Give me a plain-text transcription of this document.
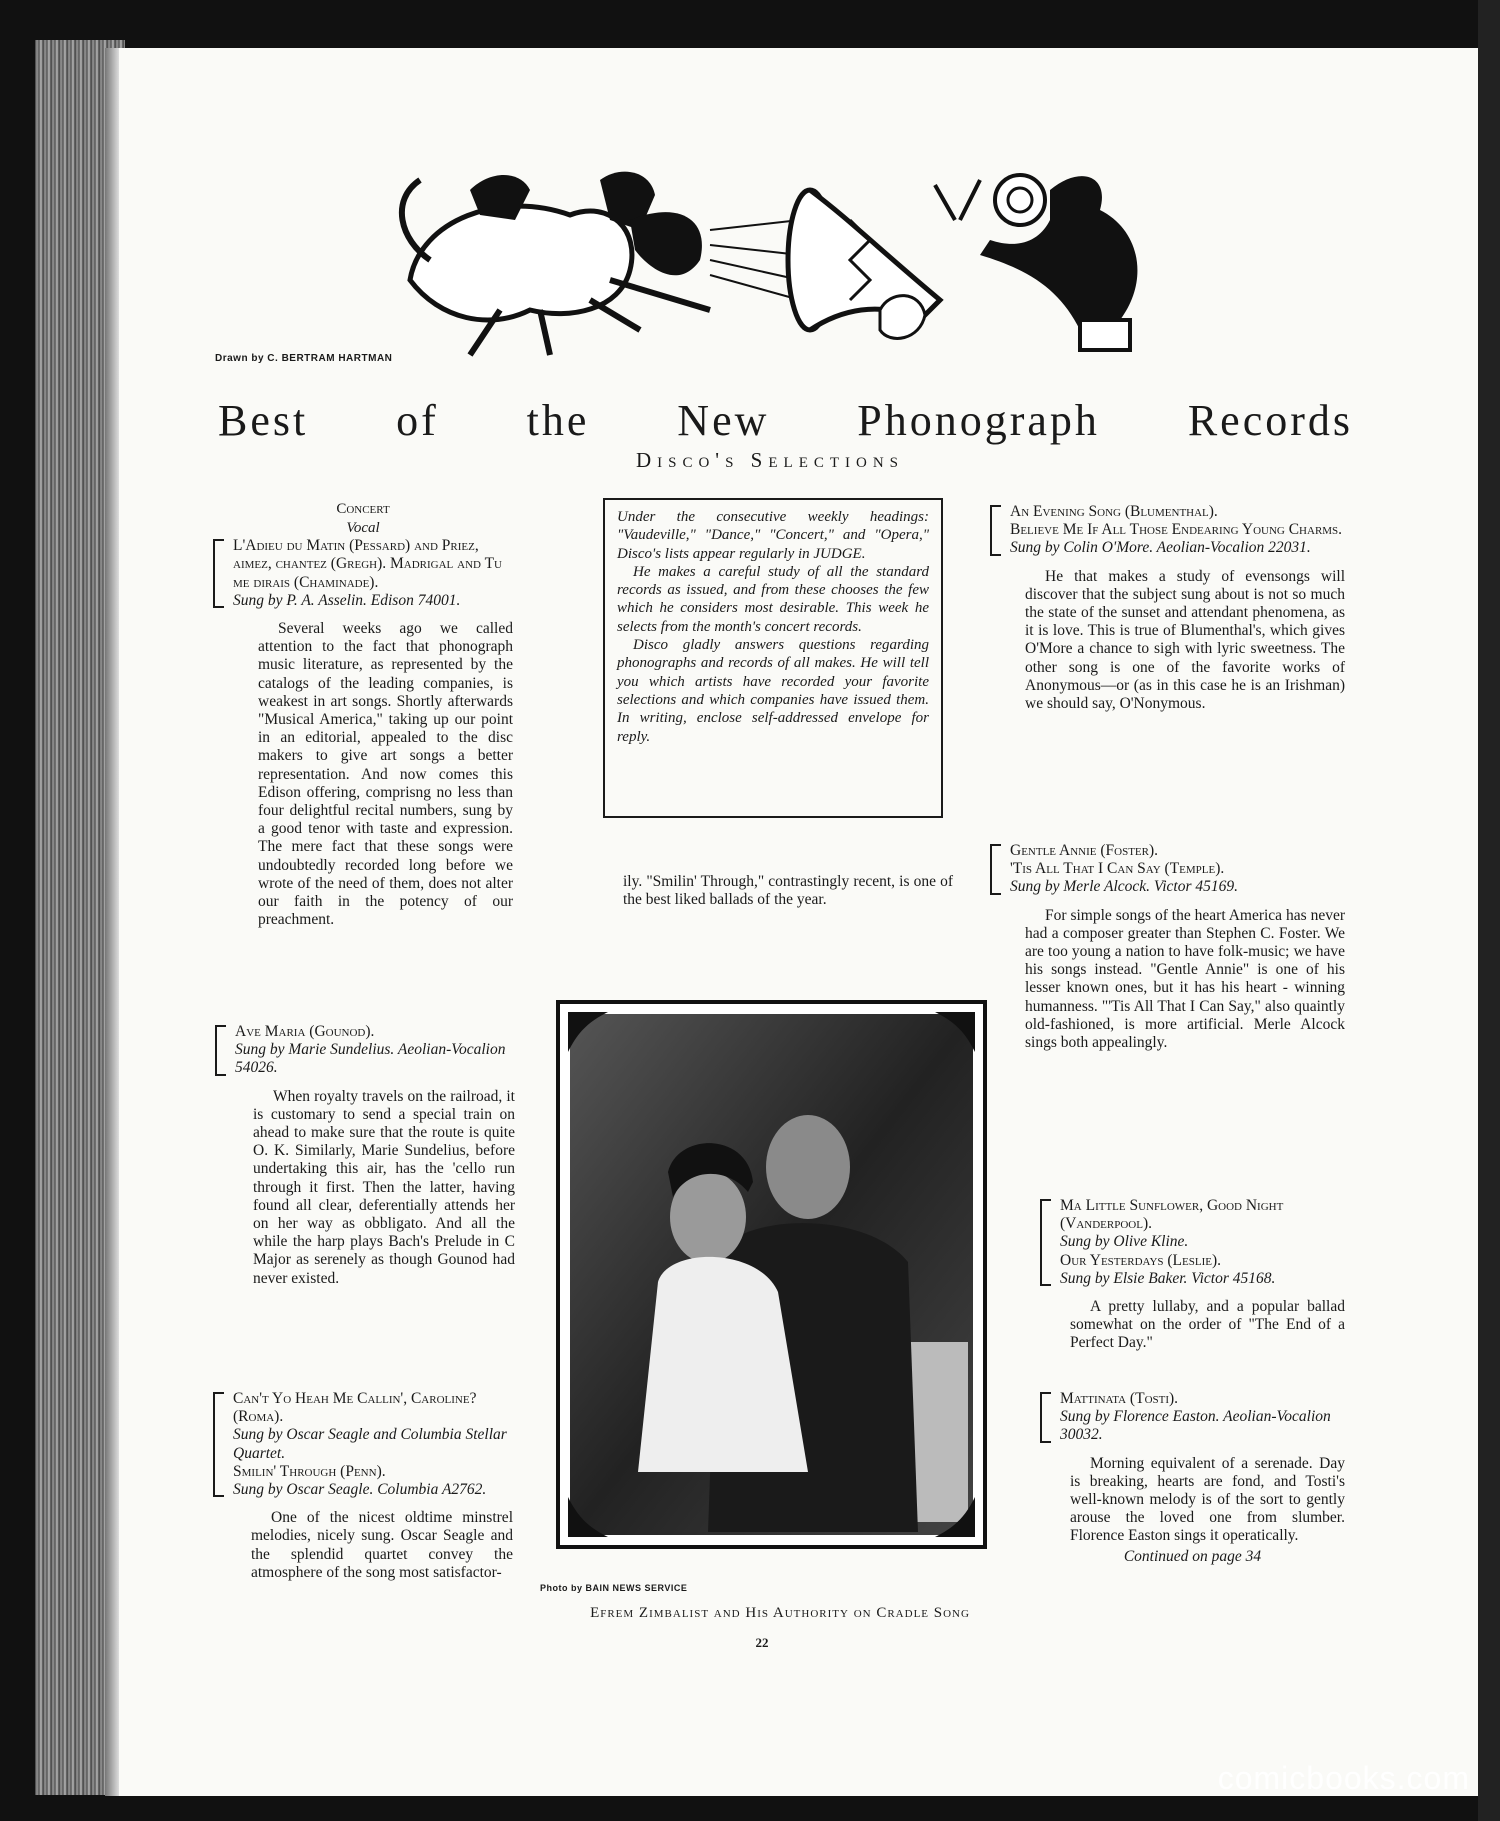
Drawn by C. BERTRAM HARTMAN
Best of the New Phonograph Records
Disco's Selections
Concert
Vocal

L'Adieu du Matin (Pessard) and Priez, aimez, chantez (Gregh). Madrigal and Tu me dirais (Chaminade).

Sung by P. A. Asselin. Edison 74001.

Several weeks ago we called attention to the fact that phonograph music literature, as represented by the catalogs of the leading companies, is weakest in art songs. Shortly afterwards "Musical America," taking up our point in an editorial, appealed to the disc makers to give art songs a better representation. And now comes this Edison offering, comprisng no less than four delightful recital numbers, sung by a good tenor with taste and expression. The mere fact that these songs were undoubtedly recorded long before we wrote of the need of them, does not alter our faith in the potency of our preachment.

Ave Maria (Gounod).

Sung by Marie Sundelius. Aeolian-Vocalion 54026.

When royalty travels on the railroad, it is customary to send a special train on ahead to make sure that the route is quite O. K. Similarly, Marie Sundelius, before undertaking this air, has the 'cello run through it first. Then the latter, having found all clear, deferentially attends her on her way as obbligato. And all the while the harp plays Bach's Prelude in C Major as serenely as though Gounod had never existed.

Can't Yo Heah Me Callin', Caroline? (Roma).

Sung by Oscar Seagle and Columbia Stellar Quartet.

Smilin' Through (Penn).

Sung by Oscar Seagle. Columbia A2762.

One of the nicest oldtime minstrel melodies, nicely sung. Oscar Seagle and the splendid quartet convey the atmosphere of the song most satisfactor-

Under the consecutive weekly headings: "Vaudeville," "Dance," "Concert," and "Opera," Disco's lists appear regularly in JUDGE.

He makes a careful study of all the standard records as issued, and from these chooses the few which he considers most desirable. This week he selects from the month's concert records.

Disco gladly answers questions regarding phonographs and records of all makes. He will tell you which artists have recorded your favorite selections and which companies have issued them. In writing, enclose self-addressed envelope for reply.

ily. "Smilin' Through," contrastingly recent, is one of the best liked ballads of the year.

Photo by BAIN NEWS SERVICE
Efrem Zimbalist and His Authority on Cradle Song

An Evening Song (Blumenthal).

Believe Me If All Those Endearing Young Charms.

Sung by Colin O'More. Aeolian-Vocalion 22031.

He that makes a study of evensongs will discover that the subject sung about is not so much the state of the sunset and attendant phenomena, as it is love. This is true of Blumenthal's, which gives O'More a chance to sigh with lyric sweetness. The other song is one of the favorite works of Anonymous—or (as in this case he is an Irishman) we should say, O'Nonymous.

Gentle Annie (Foster).

'Tis All That I Can Say (Temple).

Sung by Merle Alcock. Victor 45169.

For simple songs of the heart America has never had a composer greater than Stephen C. Foster. We are too young a nation to have folk-music; we have his songs instead. "Gentle Annie" is one of his lesser known ones, but it has his heart - winning humanness. "'Tis All That I Can Say," also quaintly old-fashioned, is more artificial. Merle Alcock sings both appealingly.

Ma Little Sunflower, Good Night (Vanderpool).

Sung by Olive Kline.

Our Yesterdays (Leslie).

Sung by Elsie Baker. Victor 45168.

A pretty lullaby, and a popular ballad somewhat on the order of "The End of a Perfect Day."

Mattinata (Tosti).

Sung by Florence Easton. Aeolian-Vocalion 30032.

Morning equivalent of a serenade. Day is breaking, hearts are fond, and Tosti's well-known melody is of the sort to gently arouse the loved one from slumber. Florence Easton sings it operatically.

Continued on page 34

22
comicbooks.com
